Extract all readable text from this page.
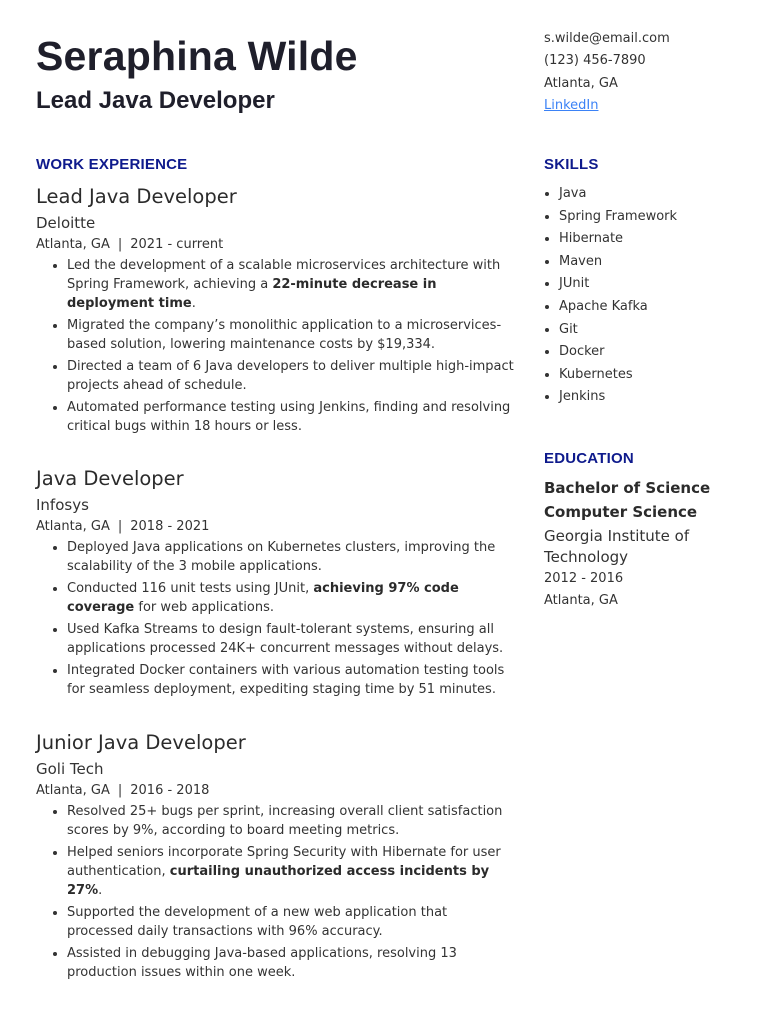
Seraphina Wilde
Lead Java Developer
s.wilde@email.com
(123) 456-7890
Atlanta, GA
LinkedIn
WORK EXPERIENCE	SKILLS
EDUCATION
Lead Java Developer
Deloitte
Atlanta, GA | 2021 - current
• Led the development of a scalable microservices architecture with Spring Framework, achieving a 22-minute decrease in deployment time.
• Migrated the company’s monolithic application to a microservices-based solution, lowering maintenance costs by $19,334.
• Directed a team of 6 Java developers to deliver multiple high-impact projects ahead of schedule.
• Automated performance testing using Jenkins, finding and resolving critical bugs within 18 hours or less.
Java Developer
Infosys
Atlanta, GA | 2018 - 2021
• Deployed Java applications on Kubernetes clusters, improving the scalability of the 3 mobile applications.
• Conducted 116 unit tests using JUnit, achieving 97% code coverage for web applications.
• Used Kafka Streams to design fault-tolerant systems, ensuring all applications processed 24K+ concurrent messages without delays.
• Integrated Docker containers with various automation testing tools for seamless deployment, expediting staging time by 51 minutes.
Junior Java Developer
Goli Tech
Atlanta, GA | 2016 - 2018
• Resolved 25+ bugs per sprint, increasing overall client satisfaction scores by 9%, according to board meeting metrics.
• Helped seniors incorporate Spring Security with Hibernate for user authentication, curtailing unauthorized access incidents by 27%.
• Supported the development of a new web application that processed daily transactions with 96% accuracy.
• Assisted in debugging Java-based applications, resolving 13 production issues within one week.
• Java
• Spring Framework
• Hibernate
• Maven
• JUnit
• Apache Kafka
• Git
• Docker
• Kubernetes
• Jenkins
Bachelor of Science
Computer Science
Georgia Institute of Technology
2012 - 2016
Atlanta, GA
